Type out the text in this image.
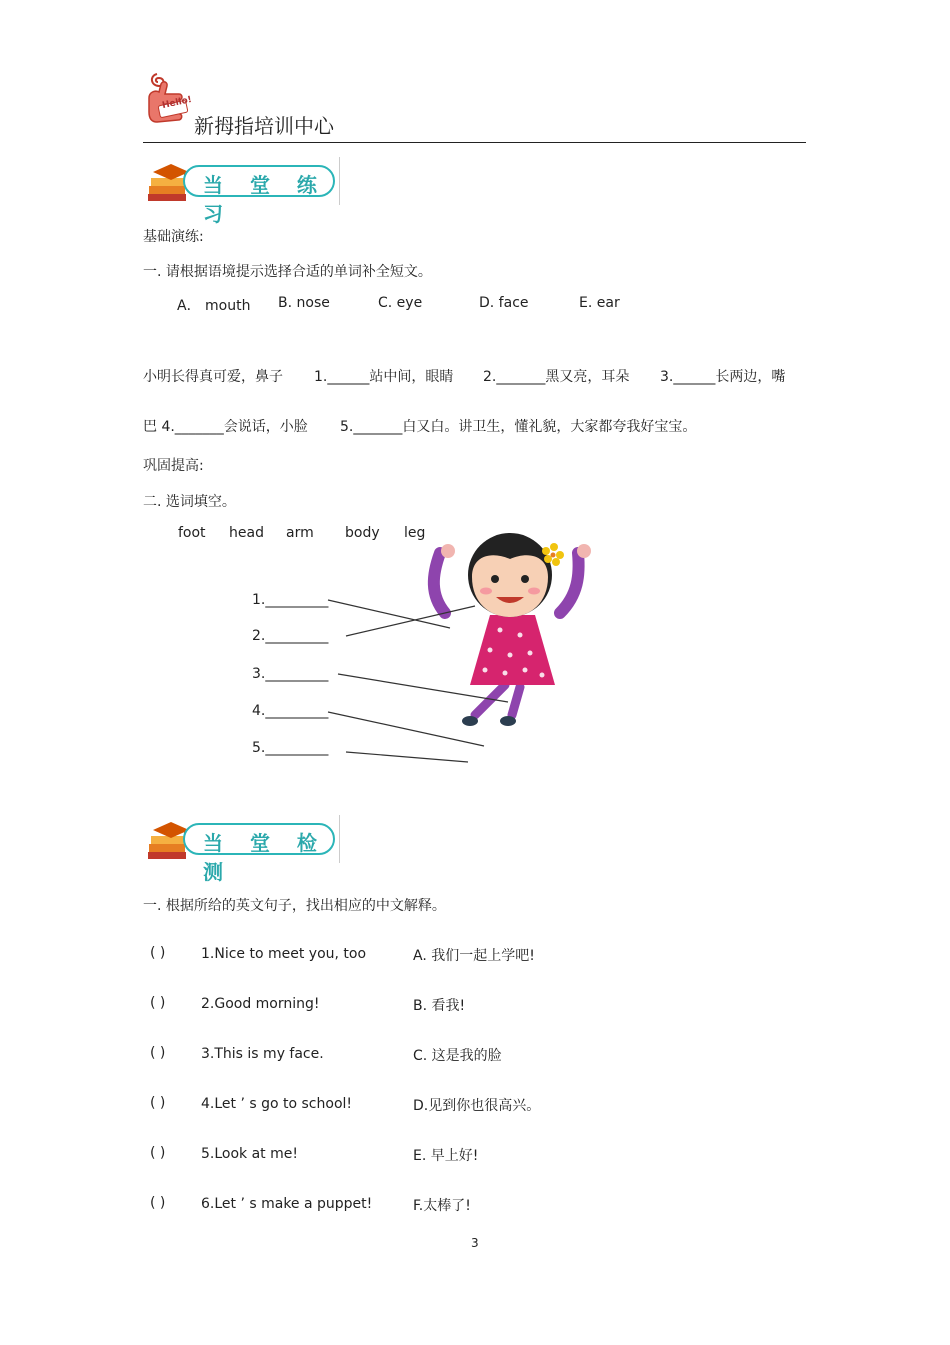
Hello!
新拇指培训中心
当 堂 练 习
基础演练:
一. 请根据语境提示选择合适的单词补全短文。
A． mouth B. nose	C. eye	D. face	E. ear
小明长得真可爱，鼻子 1.______站中间，眼睛 2._______黑又亮，耳朵 3.______长两边，嘴
巴 4._______会说话，小脸 5._______白又白。讲卫生，懂礼貌，大家都夸我好宝宝。
巩固提高:
二. 选词填空。
foot head arm body leg
1._________
2._________
3._________
4._________
5._________
当 堂 检 测
一. 根据所给的英文句子，找出相应的中文解释。
( )	1.Nice to meet you, too	A. 我们一起上学吧!
( )	2.Good morning!	B. 看我!
( )	3.This is my face.	C. 这是我的脸
( )	4.Let ’ s go to school!	D.见到你也很高兴。
( )	5.Look at me!	E. 早上好!
( )	6.Let ’ s make a puppet!	F.太棒了!
3
